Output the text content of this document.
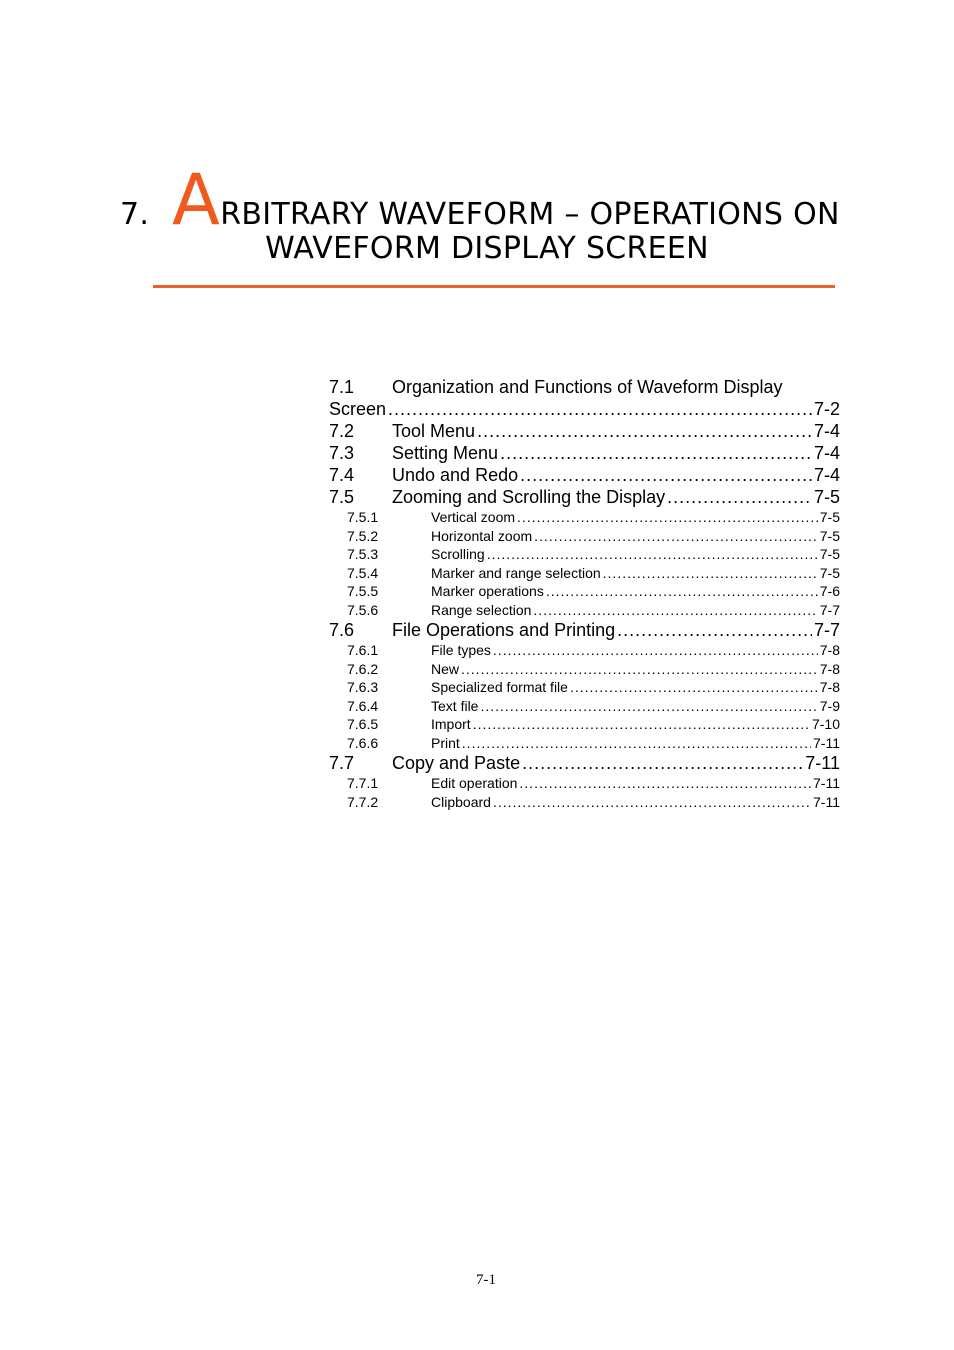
7. ARBITRARY WAVEFORM – OPERATIONS ON
WAVEFORM DISPLAY SCREEN
7.1 Organization and Functions of Waveform Display
Screen .....	7-2
7.2	Tool Menu .....	7-4
7.3	Setting Menu .....	7-4
7.4	Undo and Redo .....	7-4
7.5	Zooming and Scrolling the Display .....	7-5
7.5.1	Vertical zoom .....	7-5
7.5.2	Horizontal zoom .....	7-5
7.5.3	Scrolling .....	7-5
7.5.4	Marker and range selection .....	7-5
7.5.5	Marker operations .....	7-6
7.5.6	Range selection .....	7-7
7.6	File Operations and Printing .....	7-7
7.6.1	File types .....	7-8
7.6.2	New .....	7-8
7.6.3	Specialized format file .....	7-8
7.6.4	Text file .....	7-9
7.6.5	Import .....	7-10
7.6.6	Print .....	7-11
7.7	Copy and Paste .....	7-11
7.7.1	Edit operation .....	7-11
7.7.2	Clipboard .....	7-11
7-1
